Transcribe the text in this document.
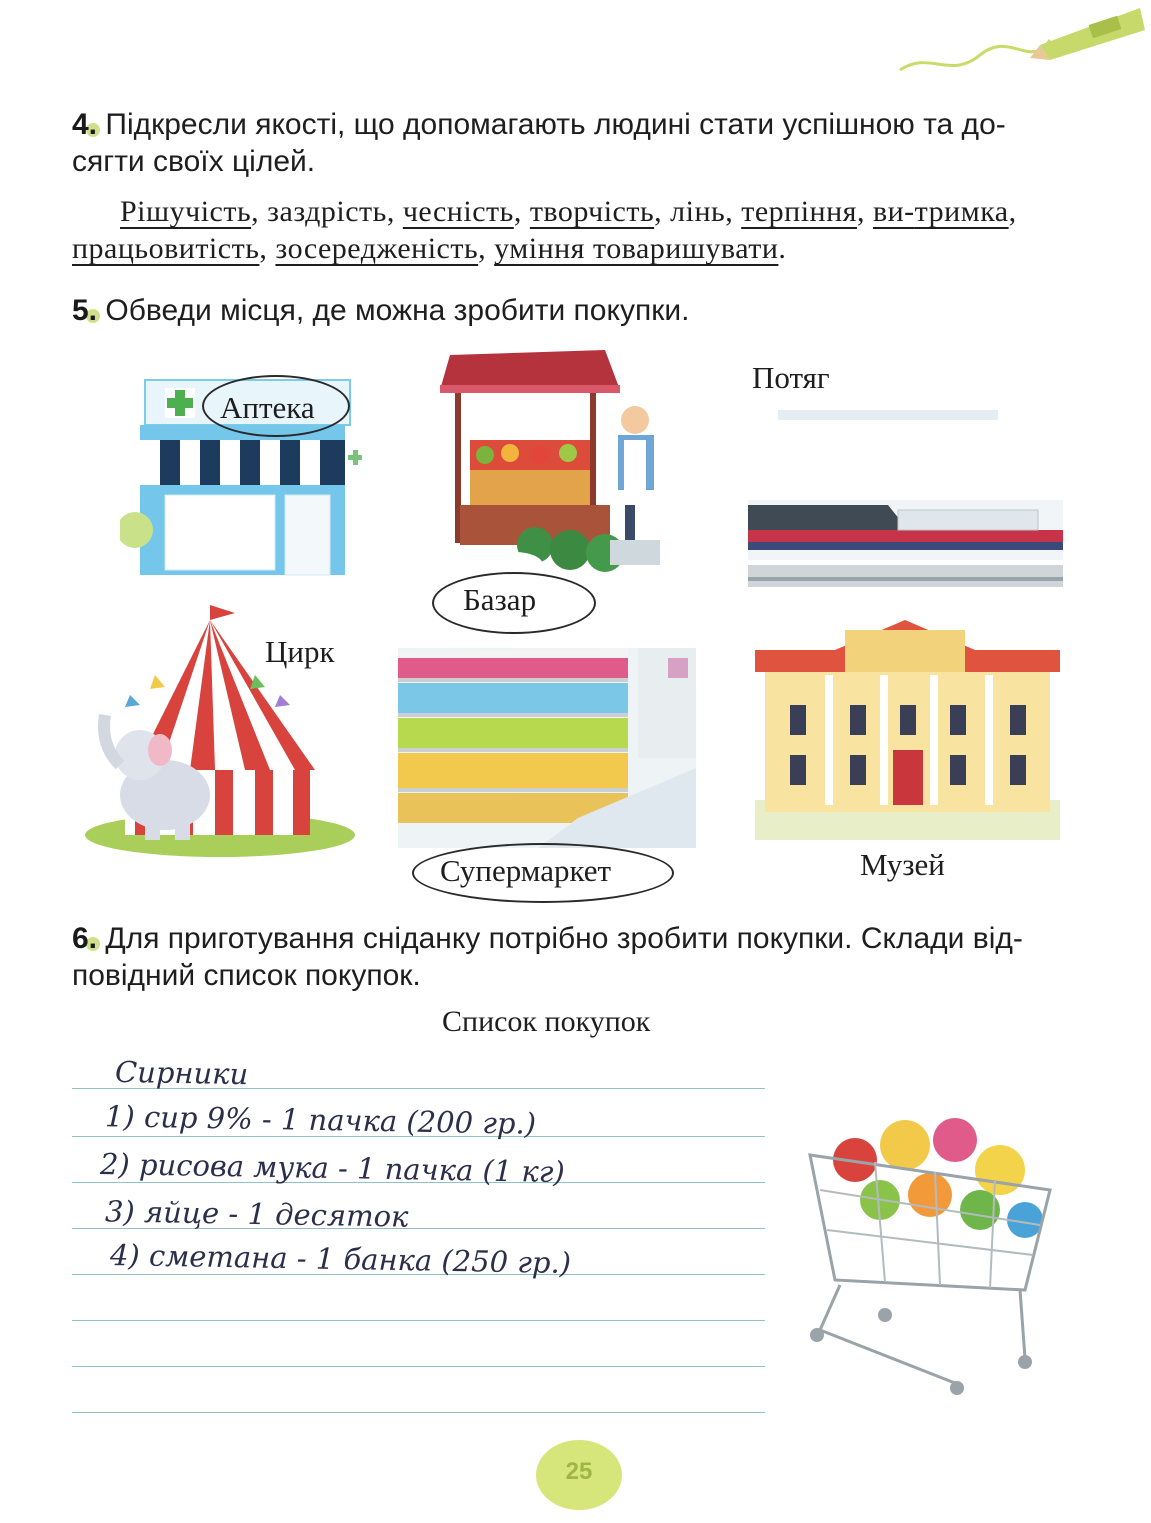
4. Підкресли якості, що допомагають людині стати успішною та до-
сягти своїх цілей.
Рішучість, заздрість, чесність, творчість, лінь, терпіння, ви-тримка, працьовитість, зосередженість, уміння товаришувати.
5. Обведи місця, де можна зробити покупки.
Аптека
Базар
Потяг
Цирк
Супермаркет	Музей
6. Для приготування сніданку потрібно зробити покупки. Склади від-
повідний список покупок.
Список покупок
Сирники
1) сир 9% - 1 пачка (200 гр.)
2) рисова мука - 1 пачка (1 кг)
3) яйце - 1 десяток
4) сметана - 1 банка (250 гр.)
25
